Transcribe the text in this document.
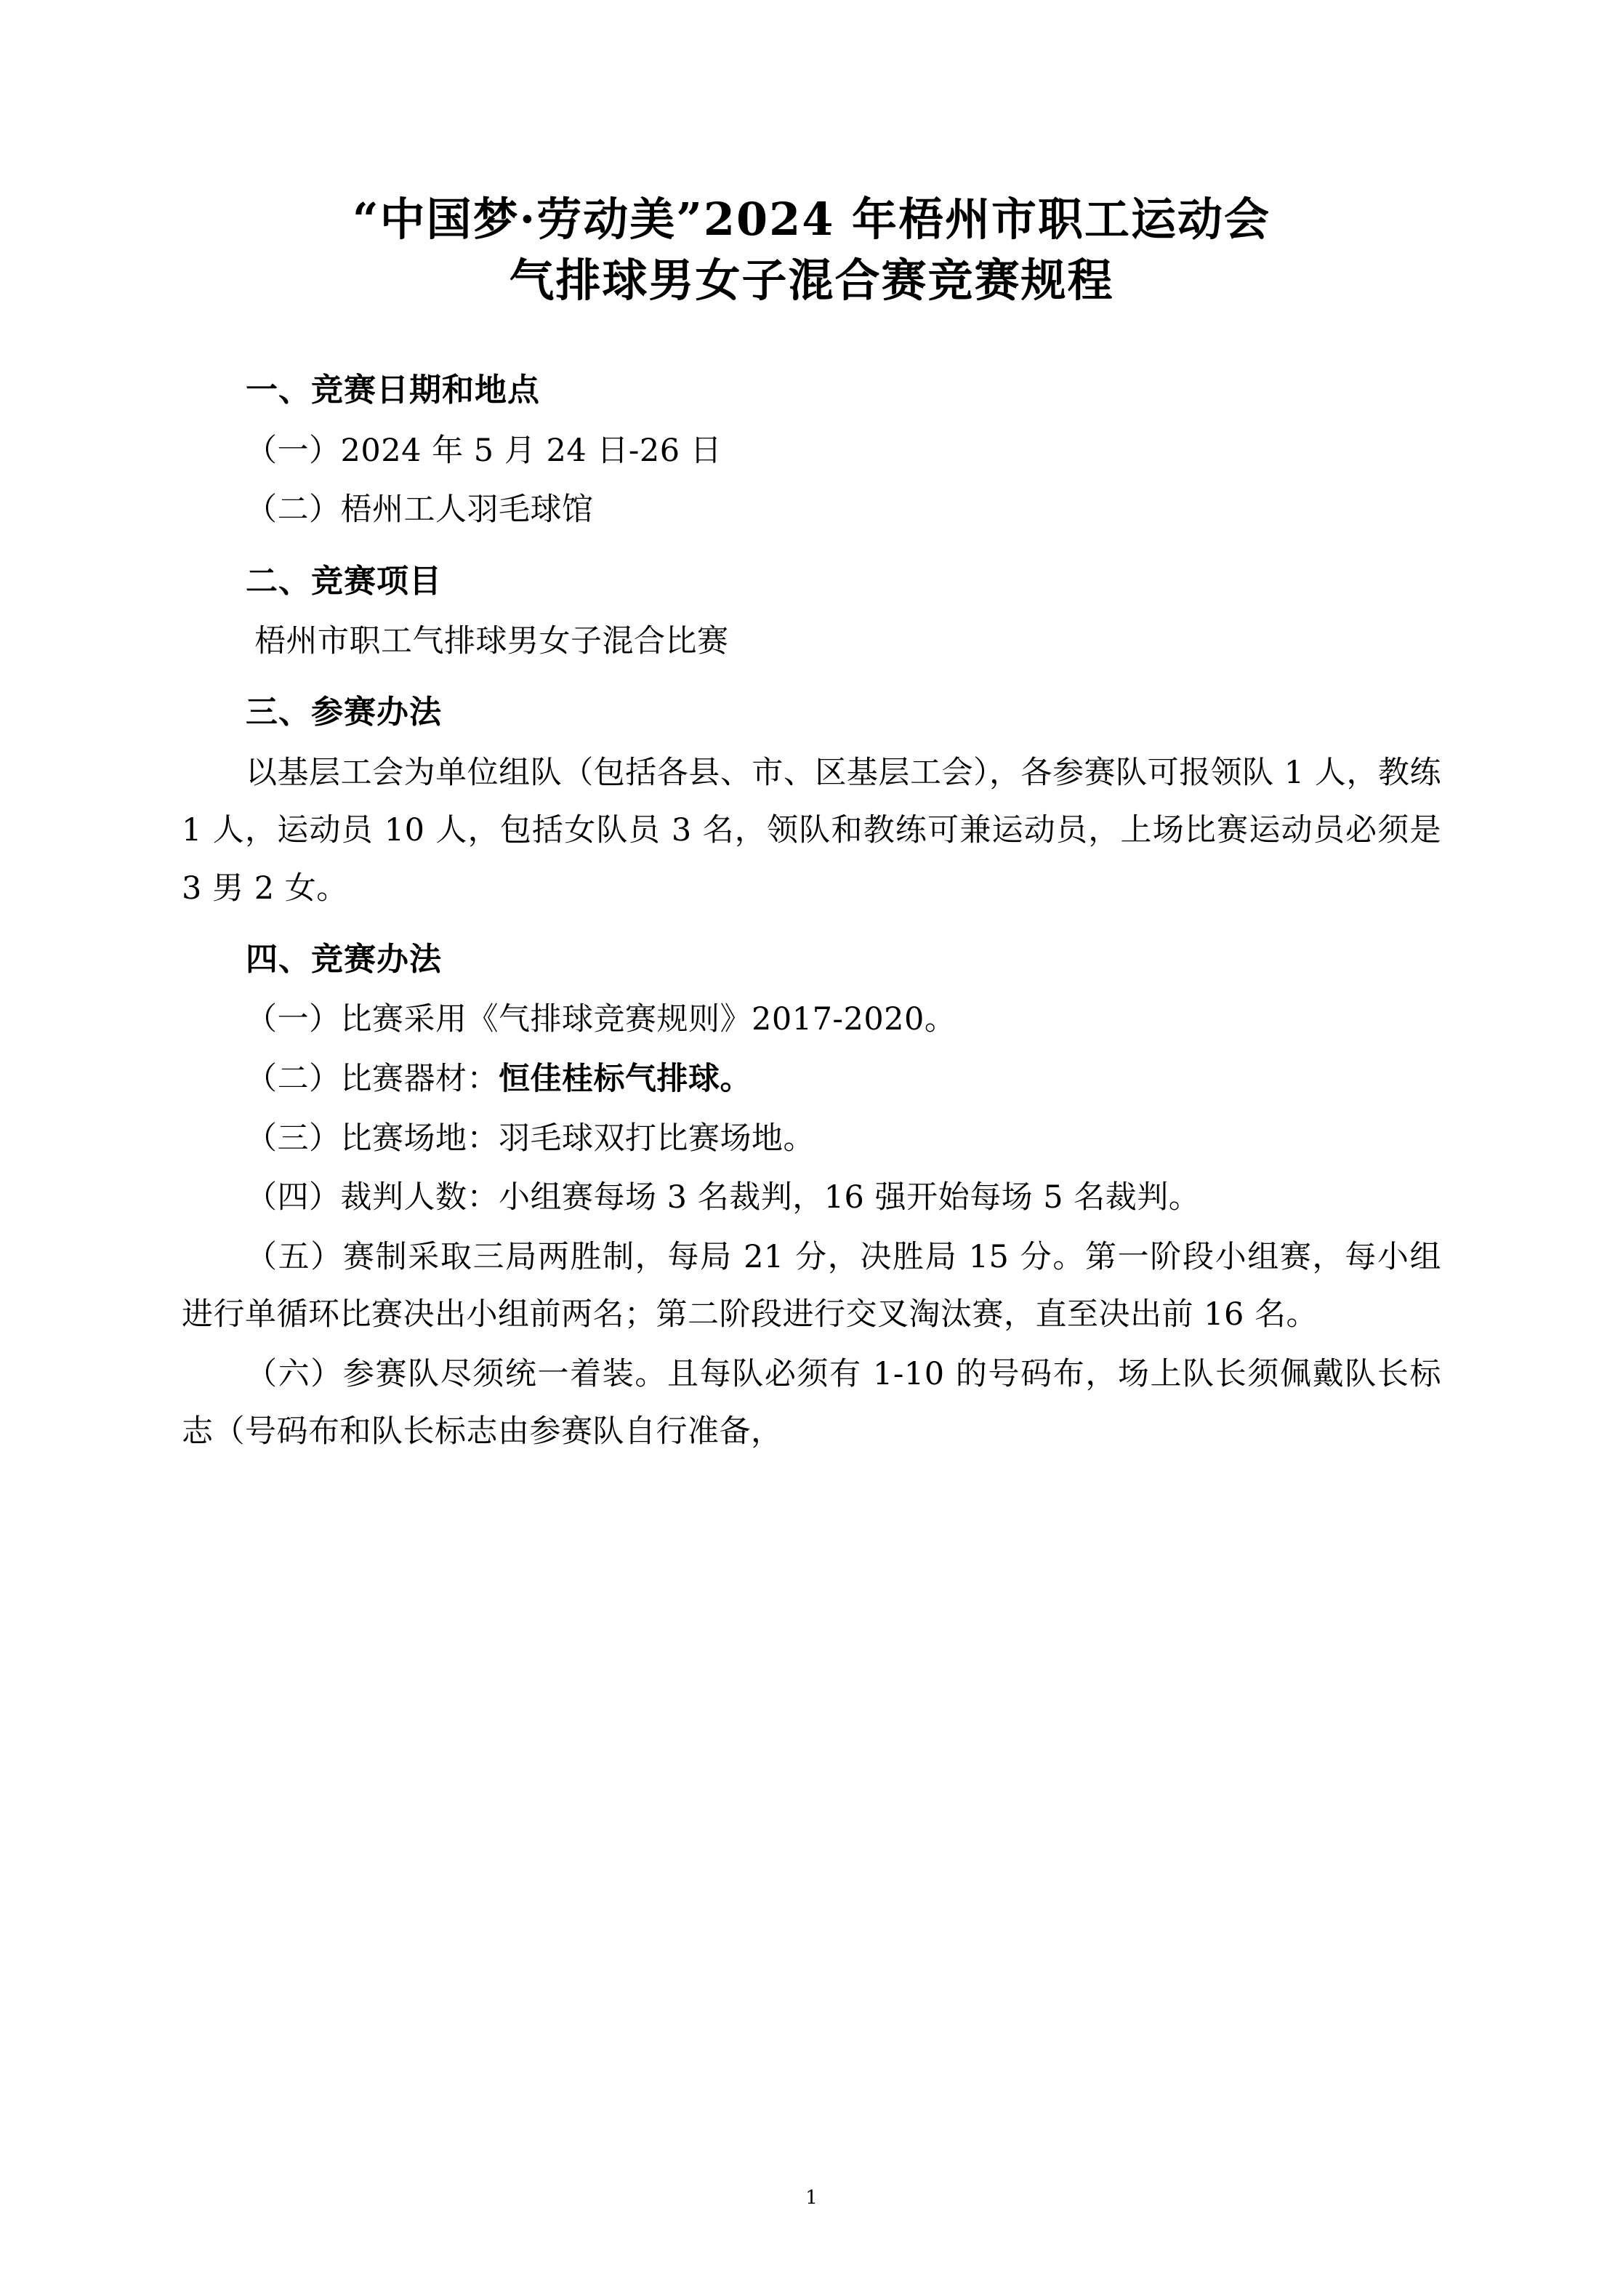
“中国梦·劳动美”2024 年梧州市职工运动会
气排球男女子混合赛竞赛规程
一、竞赛日期和地点

（一）2024 年 5 月 24 日-26 日

（二）梧州工人羽毛球馆

二、竞赛项目

梧州市职工气排球男女子混合比赛

三、参赛办法

以基层工会为单位组队（包括各县、市、区基层工会），各参赛队可报领队 1 人，教练 1 人，运动员 10 人，包括女队员 3 名，领队和教练可兼运动员，上场比赛运动员必须是 3 男 2 女。

四、竞赛办法

（一）比赛采用《气排球竞赛规则》2017-2020。

（二）比赛器材：恒佳桂标气排球。

（三）比赛场地：羽毛球双打比赛场地。

（四）裁判人数：小组赛每场 3 名裁判，16 强开始每场 5 名裁判。

（五）赛制采取三局两胜制，每局 21 分，决胜局 15 分。第一阶段小组赛，每小组进行单循环比赛决出小组前两名；第二阶段进行交叉淘汰赛，直至决出前 16 名。

（六）参赛队尽须统一着装。且每队必须有 1-10 的号码布，场上队长须佩戴队长标志（号码布和队长标志由参赛队自行准备，

1
